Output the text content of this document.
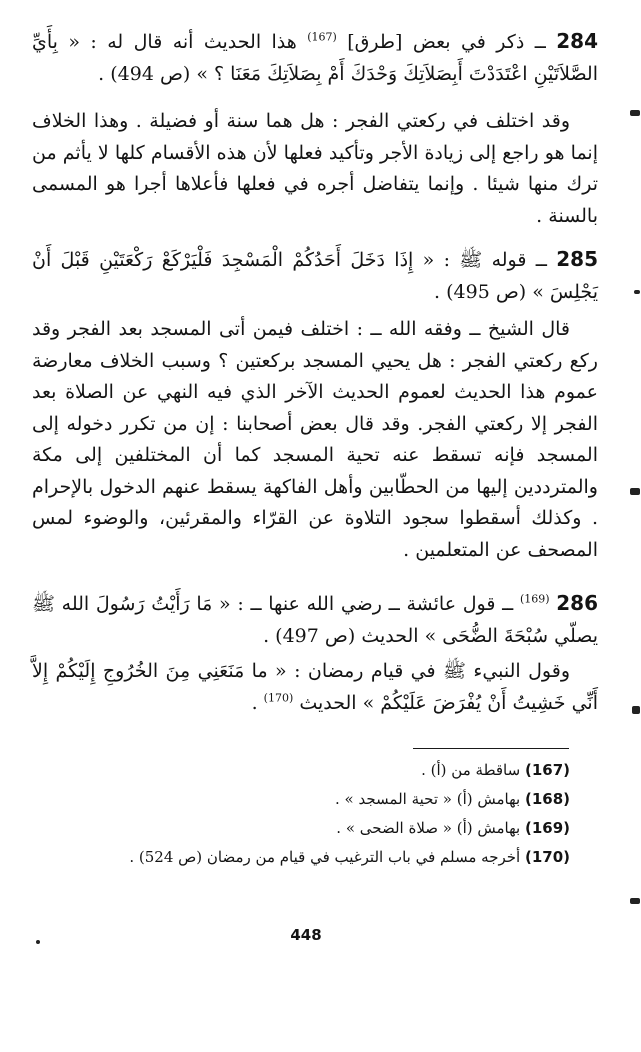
284 ــ ذكر في بعض [طرق] $^{(167)}$ هذا الحديث أنه قال له : « بِأَيِّ الصَّلاَتَيْنِ اعْتَدَدْتَ أَبِصَلاَتِكَ وَحْدَكَ أَمْ بِصَلاَتِكَ مَعَنَا ؟ » (ص 494) .
وقد اختلف في ركعتي الفجر : هل هما سنة أو فضيلة . وهذا الخلاف إنما هو راجع إلى زيادة الأجر وتأكيد فعلها لأن هذه الأقسام كلها لا يأثم من ترك منها شيئا . وإنما يتفاضل أجره في فعلها فأعلاها أجرا هو المسمى بالسنة .
285 ــ قوله ﷺ : « إِذَا دَخَلَ أَحَدُكُمْ الْمَسْجِدَ فَلْيَرْكَعْ رَكْعَتَيْنِ قَبْلَ أَنْ يَجْلِسَ » (ص 495) .
قال الشيخ ــ وفقه الله ــ : اختلف فيمن أتى المسجد بعد الفجر وقد ركع ركعتي الفجر : هل يحيي المسجد بركعتين ؟ وسبب الخلاف معارضة عموم هذا الحديث لعموم الحديث الآخر الذي فيه النهي عن الصلاة بعد الفجر إلا ركعتي الفجر. وقد قال بعض أصحابنا : إن من تكرر دخوله إلى المسجد فإنه تسقط عنه تحية المسجد كما أن المختلفين إلى مكة والمترددين إليها من الحطّابين وأهل الفاكهة يسقط عنهم الدخول بالإحرام . وكذلك أسقطوا سجود التلاوة عن القرّاء والمقرئين، والوضوء لمس المصحف عن المتعلمين .
286 $^{(169)}$ ــ قول عائشة ــ رضي الله عنها ــ : « مَا رَأَيْتُ رَسُولَ الله ﷺ يصلّي سُبْحَةَ الضُّحَى » الحديث (ص 497) .
وقول النبيء ﷺ في قيام رمضان : « ما مَنَعَنِي مِنَ الخُرُوجِ إِلَيْكُمْ إِلاَّ أَنِّي خَشِيتُ أَنْ يُفْرَضَ عَلَيْكُمْ » الحديث $^{(170)}$ .
(167) ساقطة من (أ) .
(168) بهامش (أ) « تحية المسجد » .
(169) بهامش (أ) « صلاة الضحى » .
(170) أخرجه مسلم في باب الترغيب في قيام من رمضان (ص 524) .
448
